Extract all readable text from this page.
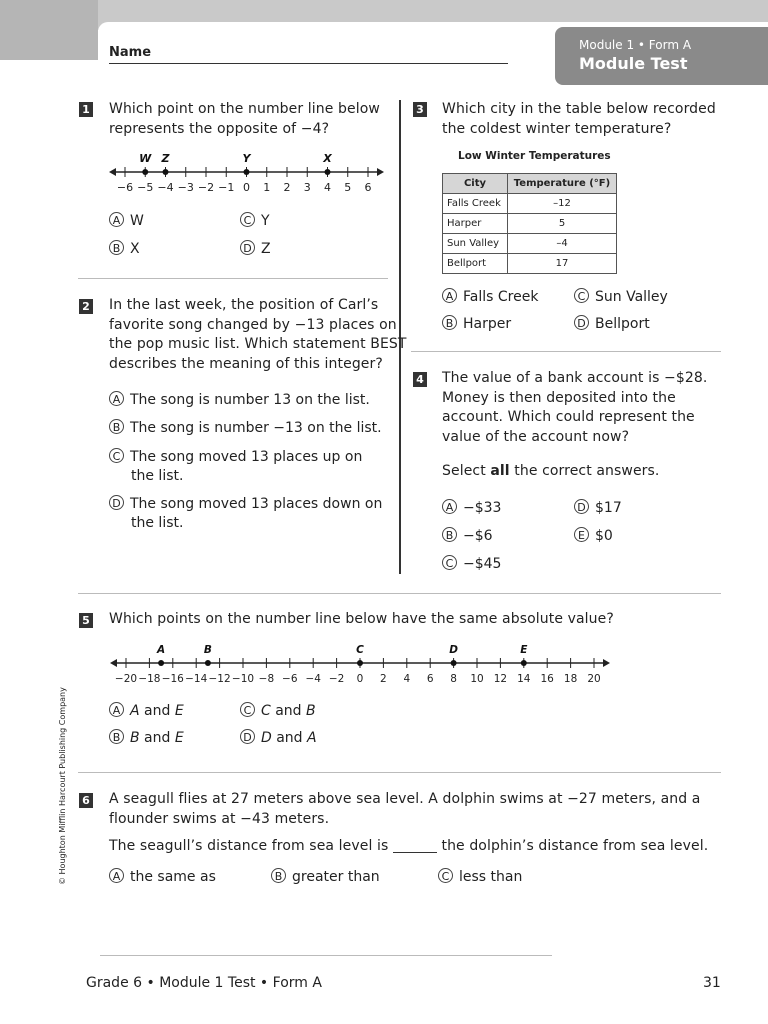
Module 1 • Form A
Module Test
Name
1 Which point on the number line below
represents the opposite of −4?
−6 −5 −4 −3 −2 −1 0 1 2 3 4 5 6
W Z	Y	X
A W	C Y
B X	D Z
2 In the last week, the position of Carl’s
favorite song changed by −13 places on
the pop music list. Which statement BEST
describes the meaning of this integer?
A The song is number 13 on the list.
B The song is number −13 on the list.
C The song moved 13 places up on
the list.
D The song moved 13 places down on
the list.
3 Which city in the table below recorded
the coldest winter temperature?
Low Winter Temperatures
City	Temperature (°F)
Falls Creek	–12
Harper	5
Sun Valley	–4
Bellport	17
A Falls Creek	C Sun Valley
B Harper	D Bellport
4 The value of a bank account is −$28.
Money is then deposited into the
account. Which could represent the
value of the account now?
Select all the correct answers.
A −$33	D $17
B −$6	E $0
C −$45
5 Which points on the number line below have the same absolute value?
−20 −18 −16 −14 −12 −10 −8 −6 −4 −2 0 2 4 6 8 10 12 14 16 18 20
A	B	C	D	E
A A and E	C C and B
B B and E	D D and A
6 A seagull flies at 27 meters above sea level. A dolphin swims at −27 meters, and a
flounder swims at −43 meters.
The seagull’s distance from sea level is	the dolphin’s distance from sea level.
A the same as	B greater than	C less than
© Houghton Mifflin Harcourt Publishing Company
Grade 6 • Module 1 Test • Form A	31
